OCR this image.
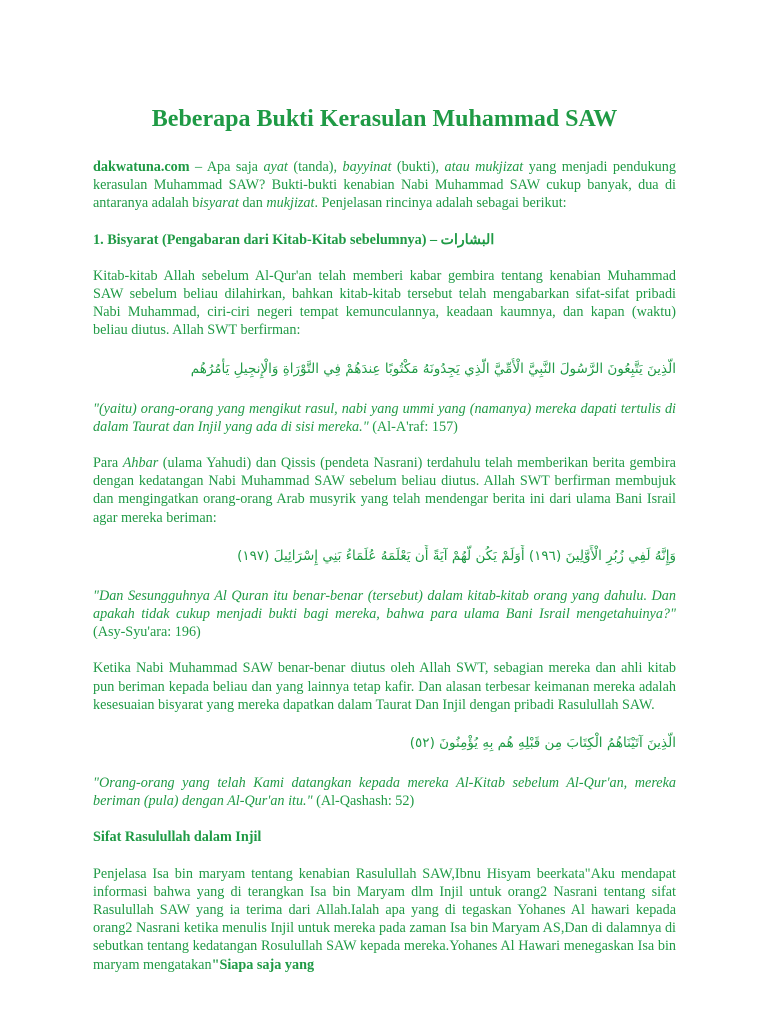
Beberapa Bukti Kerasulan Muhammad SAW

dakwatuna.com – Apa saja ayat (tanda), bayyinat (bukti), atau mukjizat yang menjadi pendukung kerasulan Muhammad SAW? Bukti-bukti kenabian Nabi Muhammad SAW cukup banyak, dua di antaranya adalah bisyarat dan mukjizat. Penjelasan rincinya adalah sebagai berikut:

1. Bisyarat (Pengabaran dari Kitab-Kitab sebelumnya) – البشارات

Kitab-kitab Allah sebelum Al-Qur'an telah memberi kabar gembira tentang kenabian Muhammad SAW sebelum beliau dilahirkan, bahkan kitab-kitab tersebut telah mengabarkan sifat-sifat pribadi Nabi Muhammad, ciri-ciri negeri tempat kemunculannya, keadaan kaumnya, dan kapan (waktu) beliau diutus. Allah SWT berfirman:

الَّذِينَ يَتَّبِعُونَ الرَّسُولَ النَّبِيَّ الْأُمِّيَّ الَّذِي يَجِدُونَهُ مَكْتُوبًا عِندَهُمْ فِي التَّوْرَاةِ وَالْإِنجِيلِ يَأْمُرُهُم

"(yaitu) orang-orang yang mengikut rasul, nabi yang ummi yang (namanya) mereka dapati tertulis di dalam Taurat dan Injil yang ada di sisi mereka." (Al-A'raf: 157)

Para Ahbar (ulama Yahudi) dan Qissis (pendeta Nasrani) terdahulu telah memberikan berita gembira dengan kedatangan Nabi Muhammad SAW sebelum beliau diutus. Allah SWT berfirman membujuk dan mengingatkan orang-orang Arab musyrik yang telah mendengar berita ini dari ulama Bani Israil agar mereka beriman:

وَإِنَّهُ لَفِي زُبُرِ الْأَوَّلِينَ (١٩٦) أَوَلَمْ يَكُن لَّهُمْ آيَةً أَن يَعْلَمَهُ عُلَمَاءُ بَنِي إِسْرَائِيلَ (١٩٧)

"Dan Sesungguhnya Al Quran itu benar-benar (tersebut) dalam kitab-kitab orang yang dahulu. Dan apakah tidak cukup menjadi bukti bagi mereka, bahwa para ulama Bani Israil mengetahuinya?" (Asy-Syu'ara: 196)

Ketika Nabi Muhammad SAW benar-benar diutus oleh Allah SWT, sebagian mereka dan ahli kitab pun beriman kepada beliau dan yang lainnya tetap kafir. Dan alasan terbesar keimanan mereka adalah kesesuaian bisyarat yang mereka dapatkan dalam Taurat Dan Injil dengan pribadi Rasulullah SAW.

الَّذِينَ آتَيْنَاهُمُ الْكِتَابَ مِن قَبْلِهِ هُم بِهِ يُؤْمِنُونَ (٥٢)

"Orang-orang yang telah Kami datangkan kepada mereka Al-Kitab sebelum Al-Qur'an, mereka beriman (pula) dengan Al-Qur'an itu." (Al-Qashash: 52)

Sifat Rasulullah dalam Injil

Penjelasa Isa bin maryam tentang kenabian Rasulullah SAW,Ibnu Hisyam beerkata"Aku mendapat informasi bahwa yang di terangkan Isa bin Maryam dlm Injil untuk orang2 Nasrani tentang sifat Rasulullah SAW yang ia terima dari Allah.Ialah apa yang di tegaskan Yohanes Al hawari kepada orang2 Nasrani ketika menulis Injil untuk mereka pada zaman Isa bin Maryam AS,Dan di dalamnya di sebutkan tentang kedatangan Rosulullah SAW kepada mereka.Yohanes Al Hawari menegaskan Isa bin maryam mengatakan"Siapa saja yang
